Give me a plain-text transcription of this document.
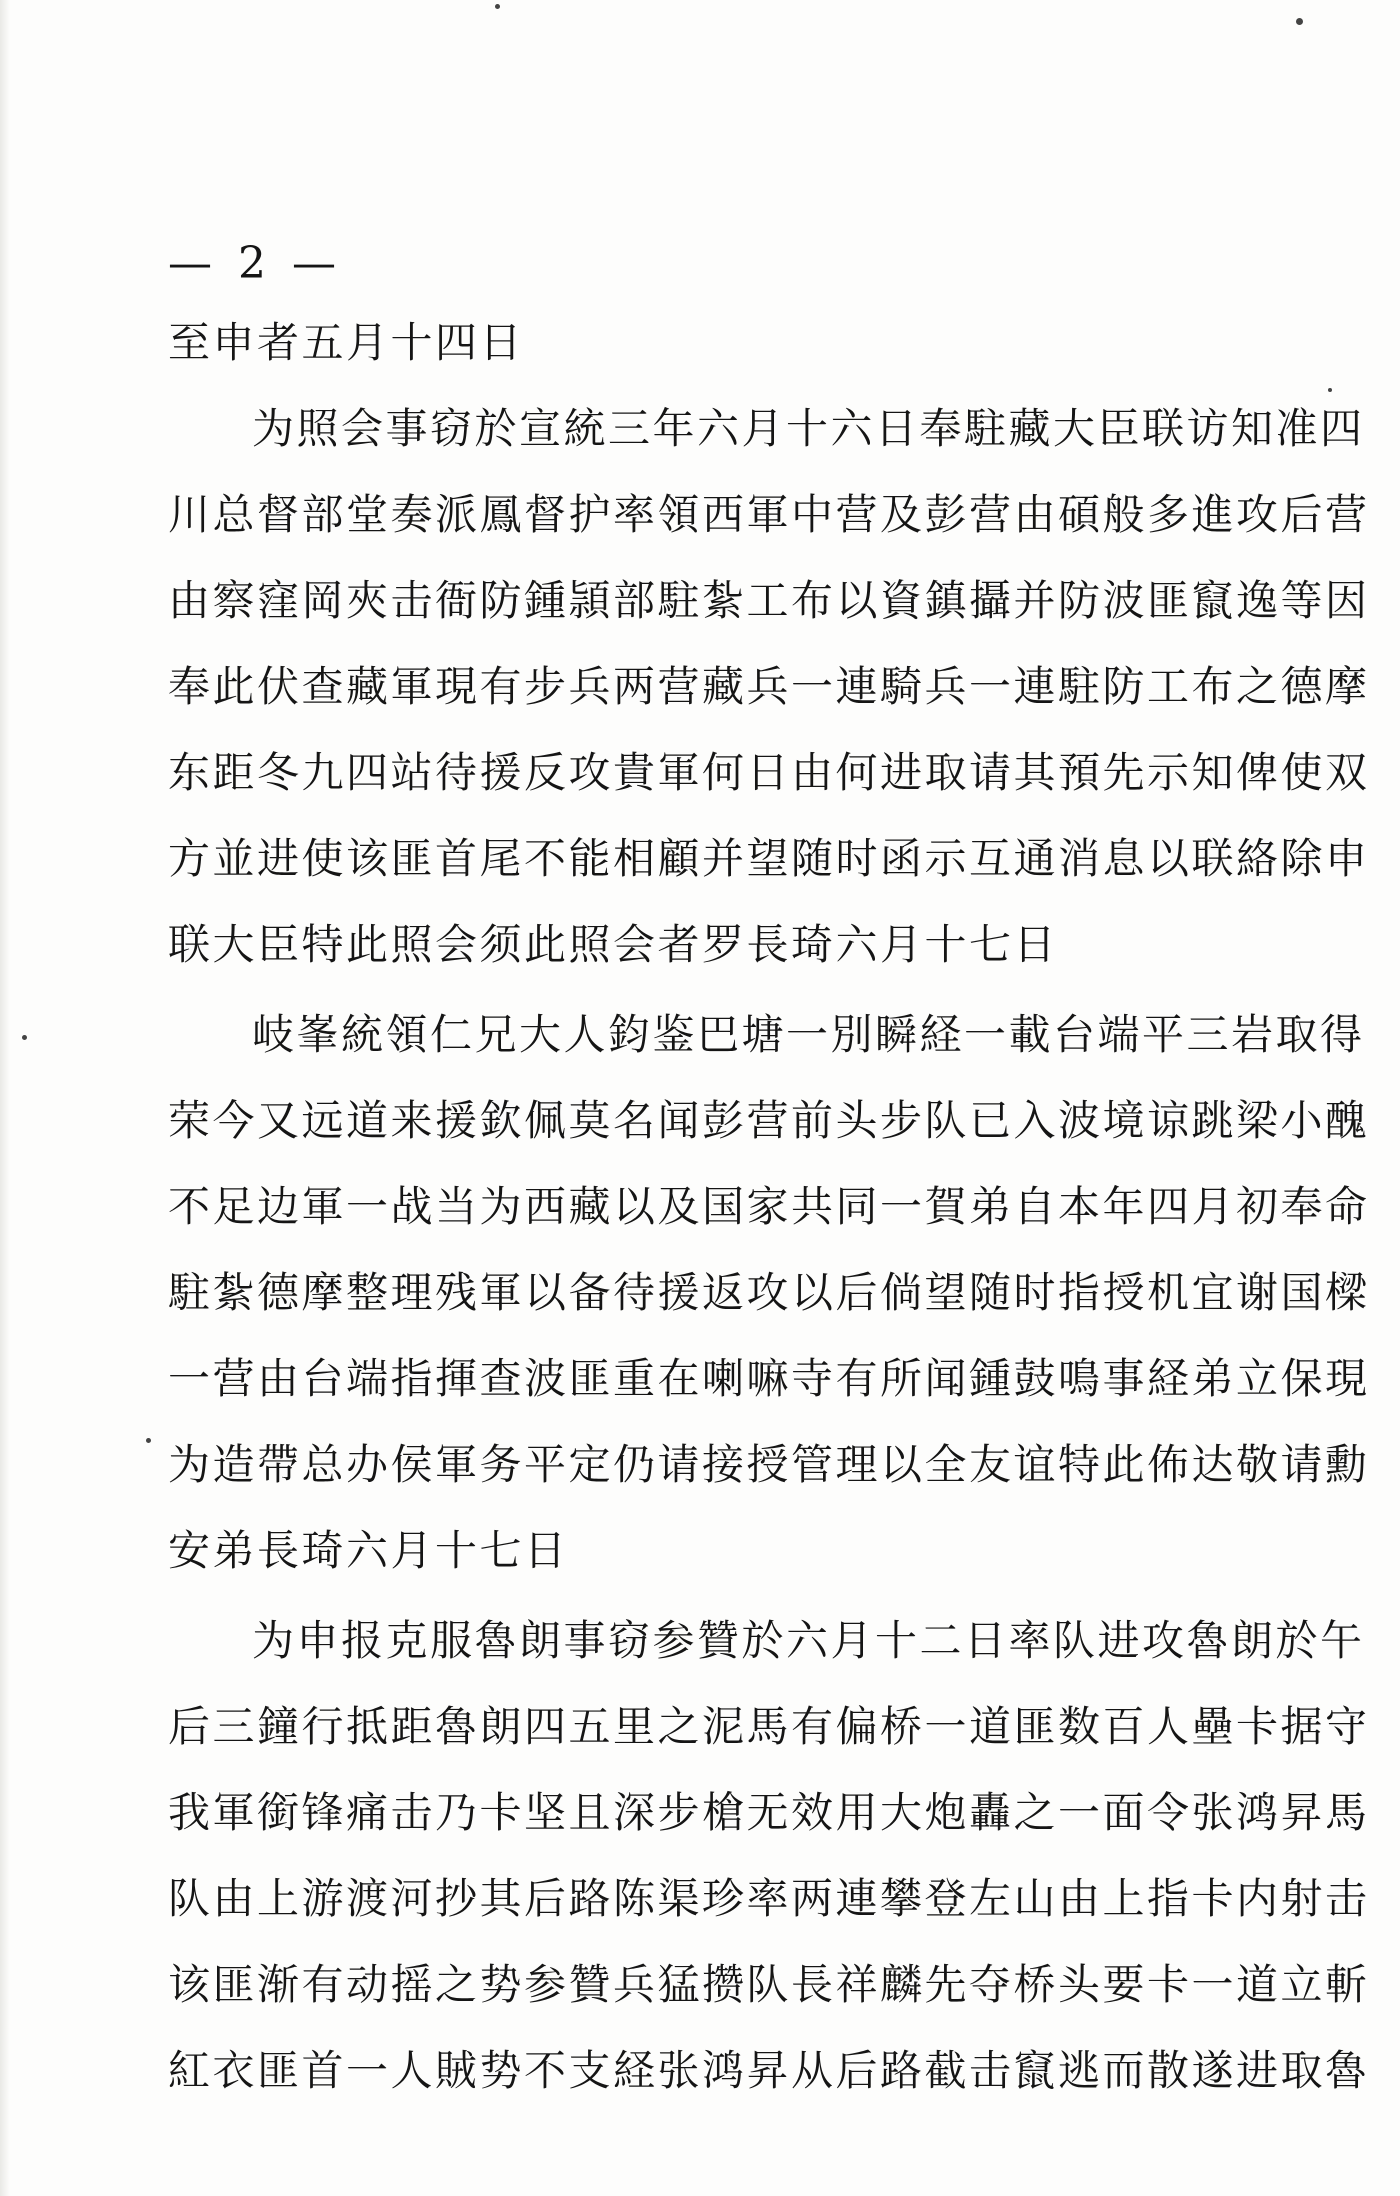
— 2 —
至申者五月十四日
为照会事窃於宣統三年六月十六日奉駐藏大臣联访知准四
川总督部堂奏派鳳督护率領西軍中营及彭营由碩般多進攻后营
由察窪岡夾击衙防鍾頴部駐紮工布以資鎮攝并防波匪竄逸等因
奉此伏查藏軍現有步兵两营藏兵一連騎兵一連駐防工布之德摩
东距冬九四站待援反攻貴軍何日由何进取请其預先示知俾使双
方並进使该匪首尾不能相顧并望随时函示互通消息以联絡除申
联大臣特此照会须此照会者罗長琦六月十七日
岐峯統領仁兄大人鈞鉴巴塘一別瞬経一載台端平三岩取得
荣今又远道来援欽佩莫名闻彭营前头步队已入波境谅跳梁小醜
不足边軍一战当为西藏以及国家共同一賀弟自本年四月初奉命
駐紮德摩整理残軍以备待援返攻以后倘望随时指授机宜谢国樑
一营由台端指揮查波匪重在喇嘛寺有所闻鍾鼓鳴事経弟立保現
为造帶总办侯軍务平定仍请接授管理以全友谊特此佈达敬请勳
安弟長琦六月十七日
为申报克服魯朗事窃参贊於六月十二日率队进攻魯朗於午
后三鐘行抵距魯朗四五里之泥馬有偏桥一道匪数百人壘卡据守
我軍銜锋痛击乃卡坚且深步槍无效用大炮轟之一面令张鸿昇馬
队由上游渡河抄其后路陈渠珍率两連攀登左山由上指卡内射击
该匪渐有动摇之势参贊兵猛攒队長祥麟先夺桥头要卡一道立斬
紅衣匪首一人賊势不支経张鸿昇从后路截击竄逃而散遂进取魯
